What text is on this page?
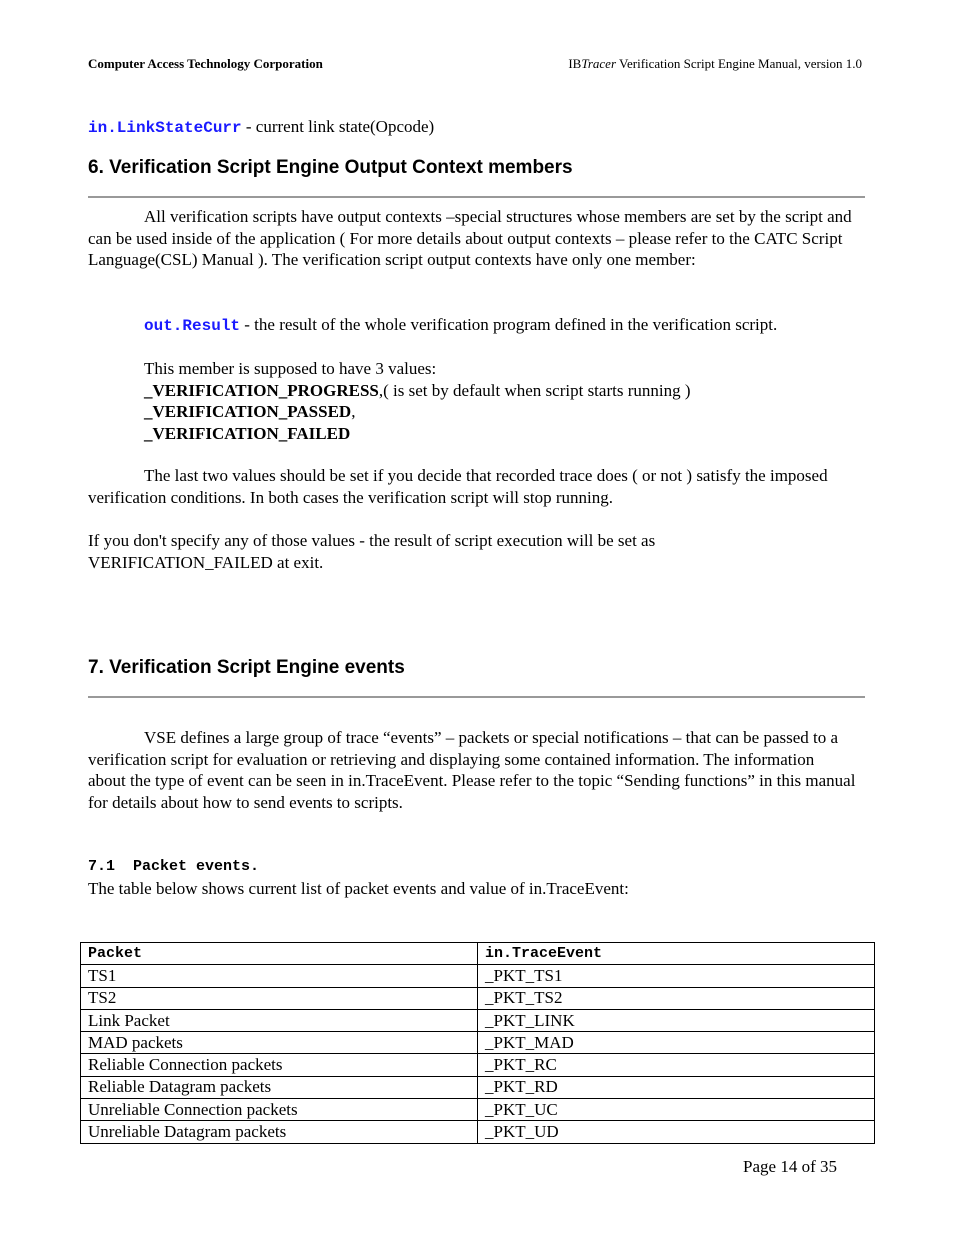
Computer Access Technology Corporation	IBTracer Verification Script Engine Manual, version 1.0
in.LinkStateCurr - current link state(Opcode)
6. Verification Script Engine Output Context members
All verification scripts have output contexts –special structures whose members are set by the script and can be used inside of the application ( For more details about output contexts – please refer to the CATC Script Language(CSL) Manual ). The verification script output contexts have only one member:
out.Result - the result of the whole verification program defined in the verification script.
This member is supposed to have 3 values:
_VERIFICATION_PROGRESS,( is set by default when script starts running )
_VERIFICATION_PASSED,
_VERIFICATION_FAILED
The last two values should be set if you decide that recorded trace does ( or not ) satisfy the imposed verification conditions. In both cases the verification script will stop running.
If you don't specify any of those values - the result of script execution will be set as VERIFICATION_FAILED at exit.
7. Verification Script Engine events
VSE defines a large group of trace “events” – packets or special notifications – that can be passed to a verification script for evaluation or retrieving and displaying some contained information. The information about the type of event can be seen in in.TraceEvent. Please refer to the topic “Sending functions” in this manual for details about how to send events to scripts.
7.1  Packet events.
The table below shows current list of packet events and value of in.TraceEvent:
Packet	in.TraceEvent
TS1	_PKT_TS1
TS2	_PKT_TS2
Link Packet	_PKT_LINK
MAD packets	_PKT_MAD
Reliable Connection packets	_PKT_RC
Reliable Datagram packets	_PKT_RD
Unreliable Connection packets	_PKT_UC
Unreliable Datagram packets	_PKT_UD
Page 14 of 35
